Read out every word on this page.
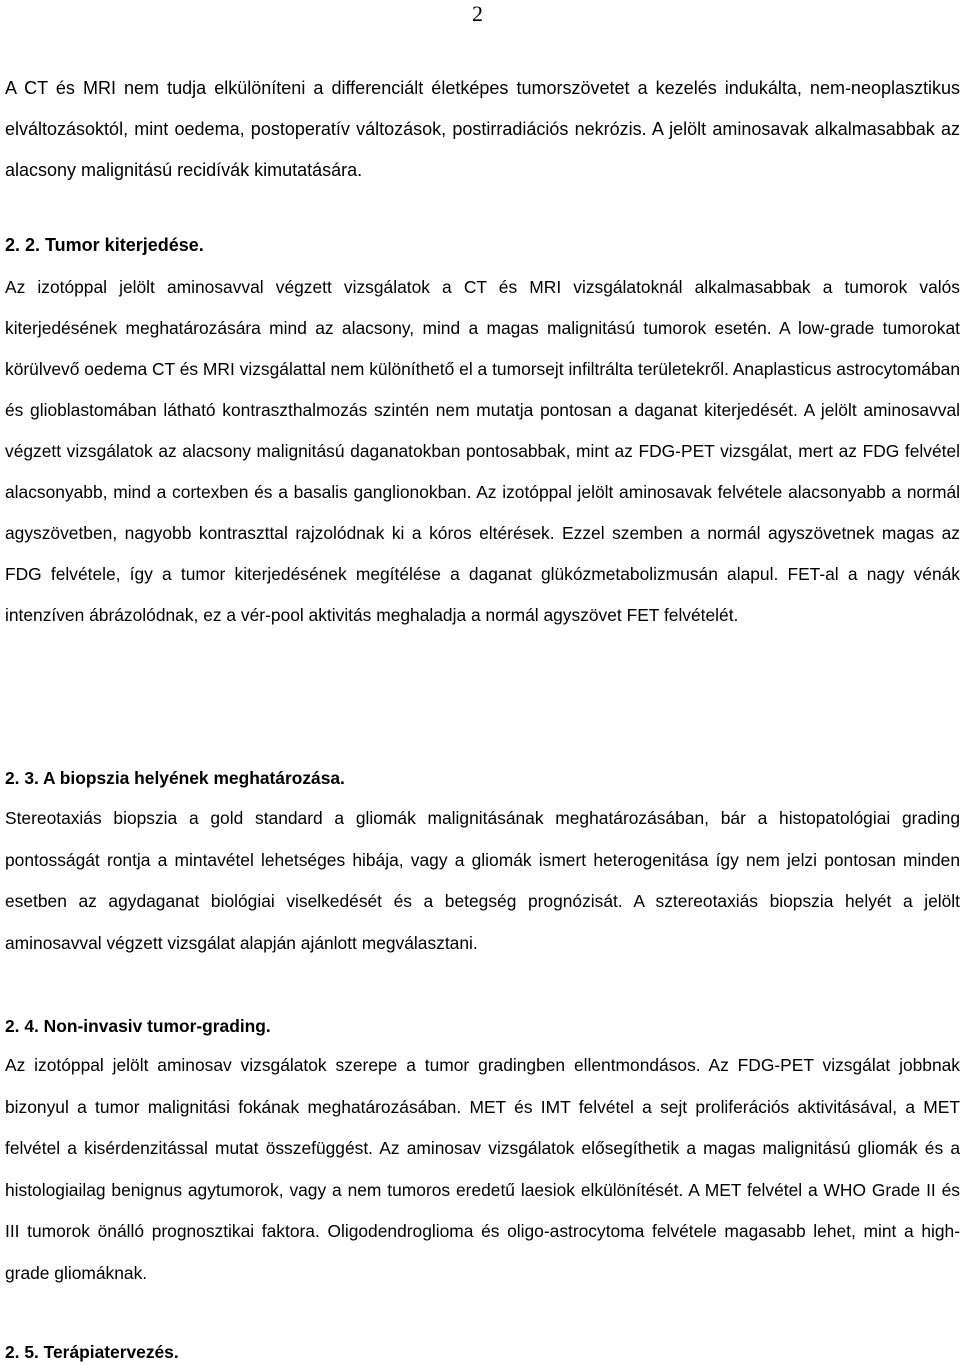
2

A CT és MRI nem tudja elkülöníteni a differenciált életképes tumorszövetet a kezelés indukálta, nem-neoplasztikus elváltozásoktól, mint oedema, postoperatív változások, postirradiációs nekrózis. A jelölt aminosavak alkalmasabbak az alacsony malignitású recidívák kimutatására.

2. 2. Tumor kiterjedése.

Az izotóppal jelölt aminosavval végzett vizsgálatok a CT és MRI vizsgálatoknál alkalmasabbak a tumorok valós kiterjedésének meghatározására mind az alacsony, mind a magas malignitású tumorok esetén. A low-grade tumorokat körülvevő oedema CT és MRI vizsgálattal nem különíthető el a tumorsejt infiltrálta területekről. Anaplasticus astrocytomában és glioblastomában látható kontraszthalmozás szintén nem mutatja pontosan a daganat kiterjedését. A jelölt aminosavval végzett vizsgálatok az alacsony malignitású daganatokban pontosabbak, mint az FDG-PET vizsgálat, mert az FDG felvétel alacsonyabb, mind a cortexben és a basalis ganglionokban. Az izotóppal jelölt aminosavak felvétele alacsonyabb a normál agyszövetben, nagyobb kontraszttal rajzolódnak ki a kóros eltérések. Ezzel szemben a normál agyszövetnek magas az FDG felvétele, így a tumor kiterjedésének megítélése a daganat glükózmetabolizmusán alapul. FET-al a nagy vénák intenzíven ábrázolódnak, ez a vér-pool aktivitás meghaladja a normál agyszövet FET felvételét.

2. 3. A biopszia helyének meghatározása.

Stereotaxiás biopszia a gold standard a gliomák malignitásának meghatározásában, bár a histopatológiai grading pontosságát rontja a mintavétel lehetséges hibája, vagy a gliomák ismert heterogenitása így nem jelzi pontosan minden esetben az agydaganat biológiai viselkedését és a betegség prognózisát. A sztereotaxiás biopszia helyét a jelölt aminosavval végzett vizsgálat alapján ajánlott megválasztani.

2. 4. Non-invasiv tumor-grading.

Az izotóppal jelölt aminosav vizsgálatok szerepe a tumor gradingben ellentmondásos. Az FDG-PET vizsgálat jobbnak bizonyul a tumor malignitási fokának meghatározásában. MET és IMT felvétel a sejt proliferációs aktivitásával, a MET felvétel a kisérdenzitással mutat összefüggést. Az aminosav vizsgálatok elősegíthetik a magas malignitású gliomák és a histologiailag benignus agytumorok, vagy a nem tumoros eredetű laesiok elkülönítését. A MET felvétel a WHO Grade II és III tumorok önálló prognosztikai faktora. Oligodendroglioma és oligo-astrocytoma felvétele magasabb lehet, mint a high-grade gliomáknak.

2. 5. Terápiatervezés.
